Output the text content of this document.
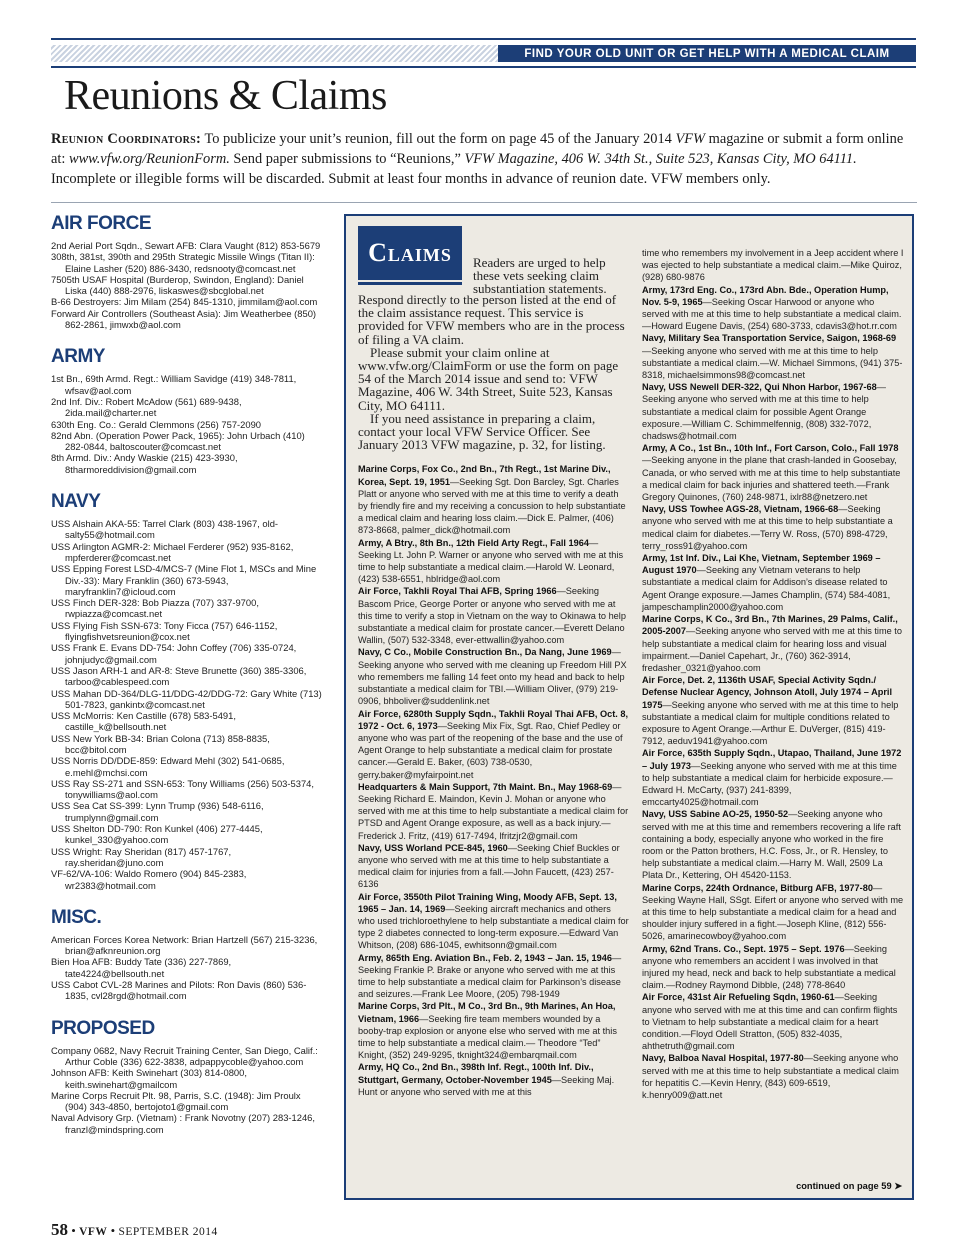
FIND YOUR OLD UNIT OR GET HELP WITH A MEDICAL CLAIM
Reunions & Claims
Reunion Coordinators: To publicize your unit’s reunion, fill out the form on page 45 of the January 2014 VFW magazine or submit a form online at: www.vfw.org/ReunionForm. Send paper submissions to “Reunions,” VFW Magazine, 406 W. 34th St., Suite 523, Kansas City, MO 64111. Incomplete or illegible forms will be discarded. Submit at least four months in advance of reunion date. VFW members only.
AIR FORCE

2nd Aerial Port Sqdn., Sewart AFB: Clara Vaught (812) 853-5679

308th, 381st, 390th and 295th Strategic Missile Wings (Titan II): Elaine Lasher (520) 886-3430, redsnooty@comcast.net

7505th USAF Hospital (Burderop, Swindon, England): Daniel Liska (440) 888-2976, liskaswes@sbcglobal.net

B-66 Destroyers: Jim Milam (254) 845-1310, jimmilam@aol.com

Forward Air Controllers (Southeast Asia): Jim Weatherbee (850) 862-2861, jimwxb@aol.com

ARMY

1st Bn., 69th Armd. Regt.: William Savidge (419) 348-7811, wfsav@aol.com

2nd Inf. Div.: Robert McAdow (561) 689-9438, 2ida.mail@charter.net

630th Eng. Co.: Gerald Clemmons (256) 757-2090

82nd Abn. (Operation Power Pack, 1965): John Urbach (410) 282-0844, baltoscouter@comcast.net

8th Armd. Div.: Andy Waskie (215) 423-3930, 8tharmoreddivision@gmail.com

NAVY

USS Alshain AKA-55: Tarrel Clark (803) 438-1967, old-salty55@hotmail.com

USS Arlington AGMR-2: Michael Ferderer (952) 935-8162, mpferderer@comcast.net

USS Epping Forest LSD-4/MCS-7 (Mine Flot 1, MSCs and Mine Div.-33): Mary Franklin (360) 673-5943, maryfranklin7@icloud.com

USS Finch DER-328: Bob Piazza (707) 337-9700, rwpiazza@comcast.net

USS Flying Fish SSN-673: Tony Ficca (757) 646-1152, flyingfishvetsreunion@cox.net

USS Frank E. Evans DD-754: John Coffey (706) 335-0724, johnjudyc@gmail.com

USS Jason ARH-1 and AR-8: Steve Brunette (360) 385-3306, tarboo@cablespeed.com

USS Mahan DD-364/DLG-11/DDG-42/DDG-72: Gary White (713) 501-7823, gankintx@comcast.net

USS McMorris: Ken Castille (678) 583-5491, castille_k@bellsouth.net

USS New York BB-34: Brian Colona (713) 858-8835, bcc@bitol.com

USS Norris DD/DDE-859: Edward Mehl (302) 541-0685, e.mehl@mchsi.com

USS Ray SS-271 and SSN-653: Tony Williams (256) 503-5374, tonywilliams@aol.com

USS Sea Cat SS-399: Lynn Trump (936) 548-6116, trumplynn@gmail.com

USS Shelton DD-790: Ron Kunkel (406) 277-4445, kunkel_330@yahoo.com

USS Wright: Ray Sheridan (817) 457-1767, ray.sheridan@juno.com

VF-62/VA-106: Waldo Romero (904) 845-2383, wr2383@hotmail.com

MISC.

American Forces Korea Network: Brian Hartzell (567) 215-3236, brian@afknreunion.org

Bien Hoa AFB: Buddy Tate (336) 227-7869, tate4224@bellsouth.net

USS Cabot CVL-28 Marines and Pilots: Ron Davis (860) 536-1835, cvl28rgd@hotmail.com

PROPOSED

Company 0682, Navy Recruit Training Center, San Diego, Calif.: Arthur Coble (336) 622-3838, adpappycoble@yahoo.com

Johnson AFB: Keith Swinehart (303) 814-0800, keith.swinehart@gmailcom

Marine Corps Recruit Plt. 98, Parris, S.C. (1948): Jim Proulx (904) 343-4850, bertojoto1@gmail.com

Naval Advisory Grp. (Vietnam) : Frank Novotny (207) 283-1246, franzl@mindspring.com

Claims	Readers are urged to help these vets seeking claim substantiation statements.

Respond directly to the person listed at the end of the claim assistance request. This service is provided for VFW members who are in the process of filing a VA claim.

Please submit your claim online at www.vfw.org/ClaimForm or use the form on page 54 of the March 2014 issue and send to: VFW Magazine, 406 W. 34th Street, Suite 523, Kansas City, MO 64111.

If you need assistance in preparing a claim, contact your local VFW Service Officer. See January 2013 VFW magazine, p. 32, for listing.

Marine Corps, Fox Co., 2nd Bn., 7th Regt., 1st Marine Div., Korea, Sept. 19, 1951—Seeking Sgt. Don Barcley, Sgt. Charles Platt or anyone who served with me at this time to verify a death by friendly fire and my receiving a concussion to help substantiate a medical claim and hearing loss claim.—Dick E. Palmer, (406) 873-8668, palmer_dick@hotmail.com

Army, A Btry., 8th Bn., 12th Field Arty Regt., Fall 1964—Seeking Lt. John P. Warner or anyone who served with me at this time to help substantiate a medical claim.—Harold W. Leonard, (423) 538-6551, hblridge@aol.com

Air Force, Takhli Royal Thai AFB, Spring 1966—Seeking Bascom Price, George Porter or anyone who served with me at this time to verify a stop in Vietnam on the way to Okinawa to help substantiate a medical claim for prostate cancer.—Everett Delano Wallin, (507) 532-3348, ever-ettwallin@yahoo.com

Navy, C Co., Mobile Construction Bn., Da Nang, June 1969—Seeking anyone who served with me cleaning up Freedom Hill PX who remembers me falling 14 feet onto my head and back to help substantiate a medical claim for TBI.—William Oliver, (979) 219-0906, bhboliver@suddenlink.net

Air Force, 6280th Supply Sqdn., Takhli Royal Thai AFB, Oct. 8, 1972 - Oct. 6, 1973—Seeking Mix Fix, Sgt. Rao, Chief Pedley or anyone who was part of the reopening of the base and the use of Agent Orange to help substantiate a medical claim for prostate cancer.—Gerald E. Baker, (603) 738-0530, gerry.baker@myfairpoint.net

Headquarters & Main Support, 7th Maint. Bn., May 1968-69—Seeking Richard E. Maindon, Kevin J. Mohan or anyone who served with me at this time to help substantiate a medical claim for PTSD and Agent Orange exposure, as well as a back injury.—Frederick J. Fritz, (419) 617-7494, lfritzjr2@gmail.com

Navy, USS Worland PCE-845, 1960—Seeking Chief Buckles or anyone who served with me at this time to help substantiate a medical claim for injuries from a fall.—John Faucett, (423) 257-6136

Air Force, 3550th Pilot Training Wing, Moody AFB, Sept. 13, 1965 – Jan. 14, 1969—Seeking aircraft mechanics and others who used trichloroethylene to help substantiate a medical claim for type 2 diabetes connected to long-term exposure.—Edward Van Whitson, (208) 686-1045, ewhitsonn@gmail.com

Army, 865th Eng. Aviation Bn., Feb. 2, 1943 – Jan. 15, 1946—Seeking Frankie P. Brake or anyone who served with me at this time to help substantiate a medical claim for Parkinson’s disease and seizures.—Frank Lee Moore, (205) 798-1949

Marine Corps, 3rd Plt., M Co., 3rd Bn., 9th Marines, An Hoa, Vietnam, 1966—Seeking fire team members wounded by a booby-trap explosion or anyone else who served with me at this time to help substantiate a medical claim.— Theodore “Ted” Knight, (352) 249-9295, tknight324@embarqmail.com

Army, HQ Co., 2nd Bn., 398th Inf. Regt., 100th Inf. Div., Stuttgart, Germany, October-November 1945—Seeking Maj. Hunt or anyone who served with me at this

time who remembers my involvement in a Jeep accident where I was ejected to help substantiate a medical claim.—Mike Quiroz, (928) 680-9876

Army, 173rd Eng. Co., 173rd Abn. Bde., Operation Hump, Nov. 5-9, 1965—Seeking Oscar Harwood or anyone who served with me at this time to help substantiate a medical claim.—Howard Eugene Davis, (254) 680-3733, cdavis3@hot.rr.com

Navy, Military Sea Transportation Service, Saigon, 1968-69—Seeking anyone who served with me at this time to help substantiate a medical claim.—W. Michael Simmons, (941) 375-8318, michaelsimmons98@comcast.net

Navy, USS Newell DER-322, Qui Nhon Harbor, 1967-68—Seeking anyone who served with me at this time to help substantiate a medical claim for possible Agent Orange exposure.—William C. Schimmelfennig, (808) 332-7072, chadsws@hotmail.com

Army, A Co., 1st Bn., 10th Inf., Fort Carson, Colo., Fall 1978—Seeking anyone in the plane that crash-landed in Goosebay, Canada, or who served with me at this time to help substantiate a medical claim for back injuries and shattered teeth.—Frank Gregory Quinones, (760) 248-9871, ixlr88@netzero.net

Navy, USS Towhee AGS-28, Vietnam, 1966-68—Seeking anyone who served with me at this time to help substantiate a medical claim for diabetes.—Terry W. Ross, (570) 898-4729, terry_ross91@yahoo.com

Army, 1st Inf. Div., Lai Khe, Vietnam, September 1969 – August 1970—Seeking any Vietnam veterans to help substantiate a medical claim for Addison’s disease related to Agent Orange exposure.—James Champlin, (574) 584-4081, jampeschamplin2000@yahoo.com

Marine Corps, K Co., 3rd Bn., 7th Marines, 29 Palms, Calif., 2005-2007—Seeking anyone who served with me at this time to help substantiate a medical claim for hearing loss and visual impairment.—Daniel Capehart, Jr., (760) 362-3914, fredasher_0321@yahoo.com

Air Force, Det. 2, 1136th USAF, Special Activity Sqdn./ Defense Nuclear Agency, Johnson Atoll, July 1974 – April 1975—Seeking anyone who served with me at this time to help substantiate a medical claim for multiple conditions related to exposure to Agent Orange.—Arthur E. DuVerger, (815) 419-7912, aeduv1941@yahoo.com

Air Force, 635th Supply Sqdn., Utapao, Thailand, June 1972 – July 1973—Seeking anyone who served with me at this time to help substantiate a medical claim for herbicide exposure.—Edward H. McCarty, (937) 241-8399, emccarty4025@hotmail.com

Navy, USS Sabine AO-25, 1950-52—Seeking anyone who served with me at this time and remembers recovering a life raft containing a body, especially anyone who worked in the fire room or the Patton brothers, H.C. Foss, Jr., or R. Hensley, to help substantiate a medical claim.—Harry M. Wall, 2509 La Plata Dr., Kettering, OH 45420-1153.

Marine Corps, 224th Ordnance, Bitburg AFB, 1977-80—Seeking Wayne Hall, SSgt. Eifert or anyone who served with me at this time to help substantiate a medical claim for a head and shoulder injury suffered in a fight.—Joseph Kline, (812) 556-5026, amarinecowboy@yahoo.com

Army, 62nd Trans. Co., Sept. 1975 – Sept. 1976—Seeking anyone who remembers an accident I was involved in that injured my head, neck and back to help substantiate a medical claim.—Rodney Raymond Dibble, (248) 778-8640

Air Force, 431st Air Refueling Sqdn, 1960-61—Seeking anyone who served with me at this time and can confirm flights to Vietnam to help substantiate a medical claim for a heart condition.—Floyd Odell Stratton, (505) 832-4035, ahthetruth@gmail.com

Navy, Balboa Naval Hospital, 1977-80—Seeking anyone who served with me at this time to help substantiate a medical claim for hepatitis C.—Kevin Henry, (843) 609-6519, k.henry009@att.net

continued on page 59 ➤
58 • VFW • SEPTEMBER 2014
